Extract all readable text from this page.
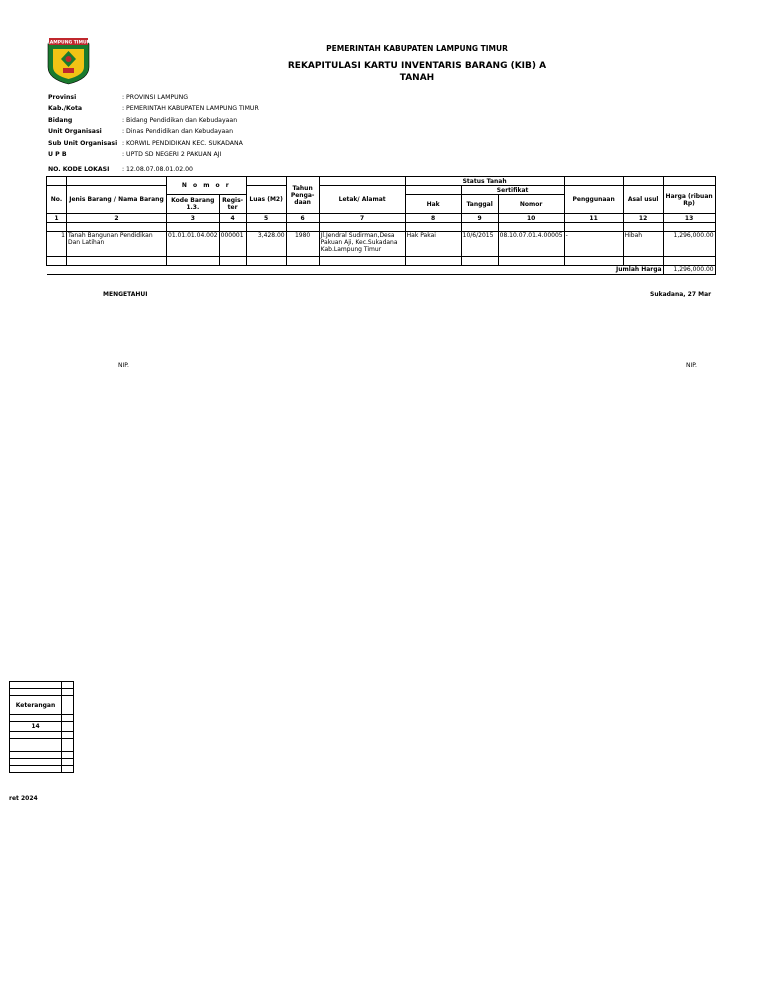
LAMPUNG TIMUR
PEMERINTAH KABUPATEN LAMPUNG TIMUR
REKAPITULASI KARTU INVENTARIS BARANG (KIB) A
TANAH
Provinsi	: PROVINSI LAMPUNG
Kab./Kota	: PEMERINTAH KABUPATEN LAMPUNG TIMUR
Bidang	: Bidang Pendidikan dan Kebudayaan
Unit Organisasi	: Dinas Pendidikan dan Kebudayaan
Sub Unit Organisasi : KORWIL PENDIDIKAN KEC. SUKADANA
U P B	: UPTD SD NEGERI 2 PAKUAN AJI
NO. KODE LOKASI : 12.08.07.08.01.02.00
		N o m o r			Tahun Penga- daan		Status Tanah					
No.	Jenis Barang / Nama Barang			Luas (M2)		Letak/ Alamat		Sertifikat		Penggunaan	Asal usul	Harga (ribuan Rp)
		Kode Barang 1.3.	Regis- ter				Hak	Tanggal	Nomor			
1	2	3	4	5	6	7	8	9	10	11	12	13

1	Tanah Bangunan Pendidikan Dan Latihan	01.01.01.04.002	000001	3,428.00	1980	Jl.Jendral Sudirman,Desa Pakuan Aji, Kec.Sukadana Kab.Lampung Timur	Hak Pakai	10/6/2015	08.10.07.01.4.00005	-	Hibah	1,296,000.00

Jumlah Harga												1,296,000.00
MENGETAHUI	Sukadana, 27 Mar
NIP.	NIP.

Keterangan	

14	

ret 2024
